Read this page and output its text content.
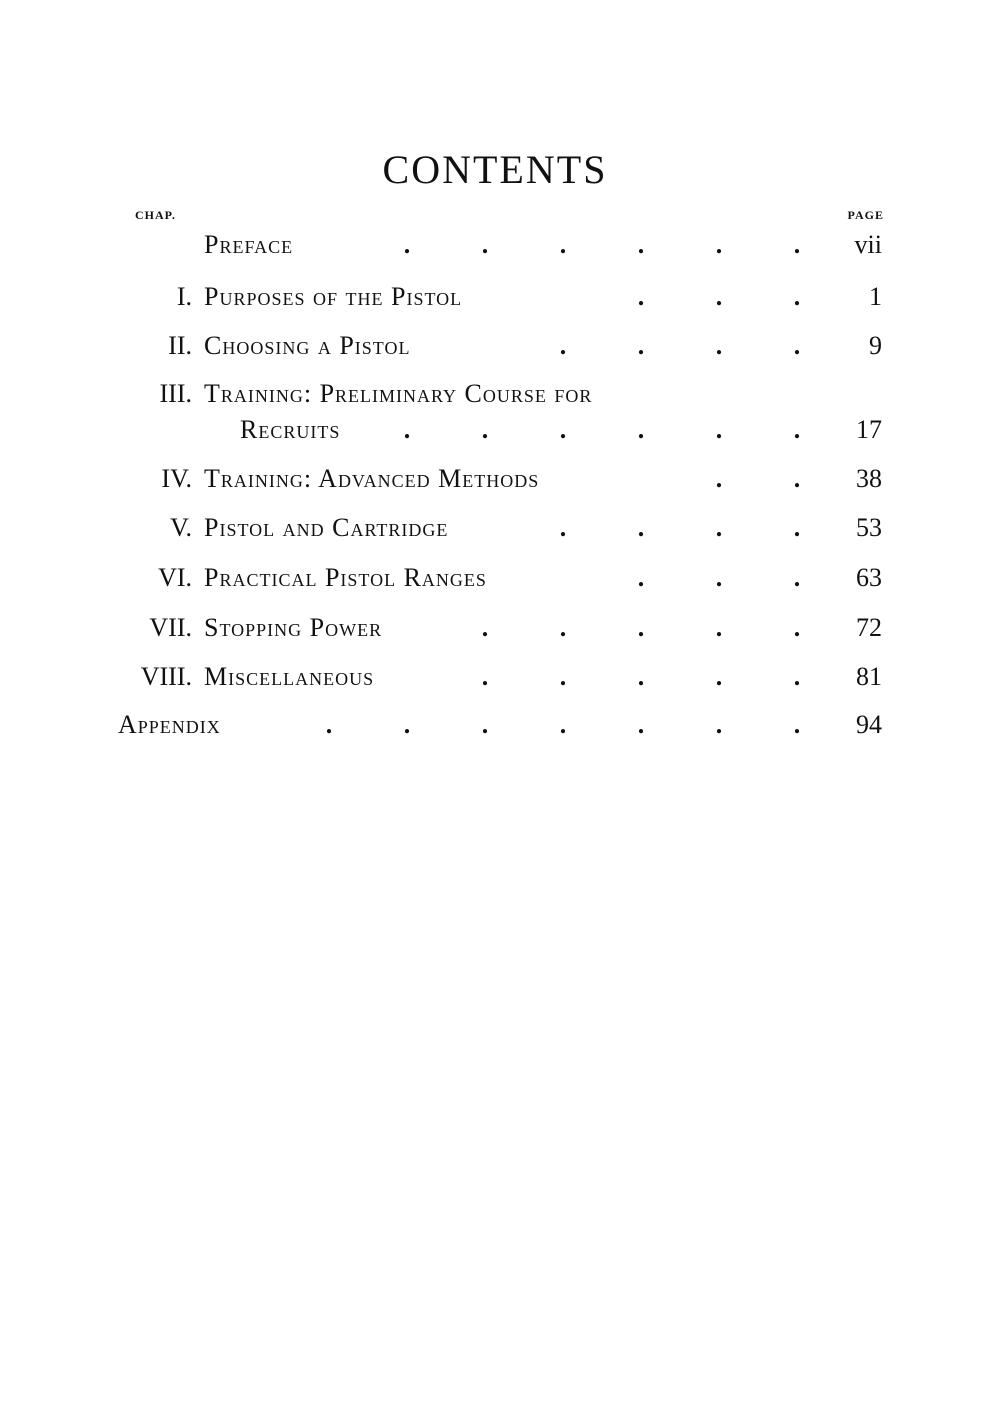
CONTENTS
CHAP.	PAGE
Preface	.	.	.	.	.	.	vii
I. Purposes of the Pistol	.	.	.	1
II. Choosing a Pistol	.	.	.	.	9
III. Training: Preliminary Course for
Recruits	.	.	.	.	.	.	17
IV. Training: Advanced Methods	.	.	38
V. Pistol and Cartridge	.	.	.	.	53
VI. Practical Pistol Ranges	.	.	.	63
VII. Stopping Power	.	.	.	.	.	72
VIII. Miscellaneous	.	.	.	.	.	81
Appendix	.	.	.	.	.	.	.	94
